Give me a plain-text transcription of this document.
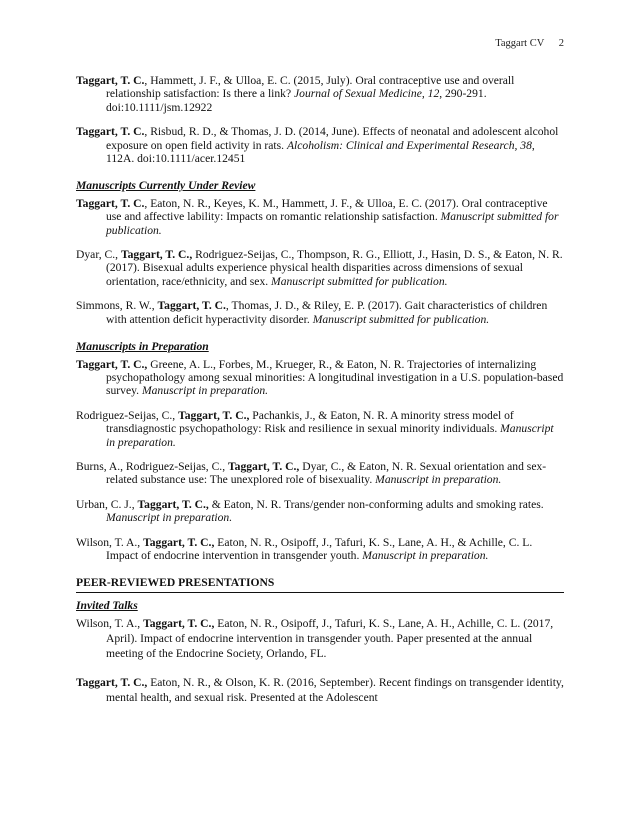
Taggart CV 2
Taggart, T. C., Hammett, J. F., & Ulloa, E. C. (2015, July). Oral contraceptive use and overall relationship satisfaction: Is there a link? Journal of Sexual Medicine, 12, 290-291. doi:10.1111/jsm.12922
Taggart, T. C., Risbud, R. D., & Thomas, J. D. (2014, June). Effects of neonatal and adolescent alcohol exposure on open field activity in rats. Alcoholism: Clinical and Experimental Research, 38, 112A. doi:10.1111/acer.12451
Manuscripts Currently Under Review
Taggart, T. C., Eaton, N. R., Keyes, K. M., Hammett, J. F., & Ulloa, E. C. (2017). Oral contraceptive use and affective lability: Impacts on romantic relationship satisfaction. Manuscript submitted for publication.
Dyar, C., Taggart, T. C., Rodriguez-Seijas, C., Thompson, R. G., Elliott, J., Hasin, D. S., & Eaton, N. R. (2017). Bisexual adults experience physical health disparities across dimensions of sexual orientation, race/ethnicity, and sex. Manuscript submitted for publication.
Simmons, R. W., Taggart, T. C., Thomas, J. D., & Riley, E. P. (2017). Gait characteristics of children with attention deficit hyperactivity disorder. Manuscript submitted for publication.
Manuscripts in Preparation
Taggart, T. C., Greene, A. L., Forbes, M., Krueger, R., & Eaton, N. R. Trajectories of internalizing psychopathology among sexual minorities: A longitudinal investigation in a U.S. population-based survey. Manuscript in preparation.
Rodriguez-Seijas, C., Taggart, T. C., Pachankis, J., & Eaton, N. R. A minority stress model of transdiagnostic psychopathology: Risk and resilience in sexual minority individuals. Manuscript in preparation.
Burns, A., Rodriguez-Seijas, C., Taggart, T. C., Dyar, C., & Eaton, N. R. Sexual orientation and sex-related substance use: The unexplored role of bisexuality. Manuscript in preparation.
Urban, C. J., Taggart, T. C., & Eaton, N. R. Trans/gender non-conforming adults and smoking rates. Manuscript in preparation.
Wilson, T. A., Taggart, T. C., Eaton, N. R., Osipoff, J., Tafuri, K. S., Lane, A. H., & Achille, C. L. Impact of endocrine intervention in transgender youth. Manuscript in preparation.
PEER-REVIEWED PRESENTATIONS
Invited Talks
Wilson, T. A., Taggart, T. C., Eaton, N. R., Osipoff, J., Tafuri, K. S., Lane, A. H., Achille, C. L. (2017, April). Impact of endocrine intervention in transgender youth. Paper presented at the annual meeting of the Endocrine Society, Orlando, FL.
Taggart, T. C., Eaton, N. R., & Olson, K. R. (2016, September). Recent findings on transgender identity, mental health, and sexual risk. Presented at the Adolescent
